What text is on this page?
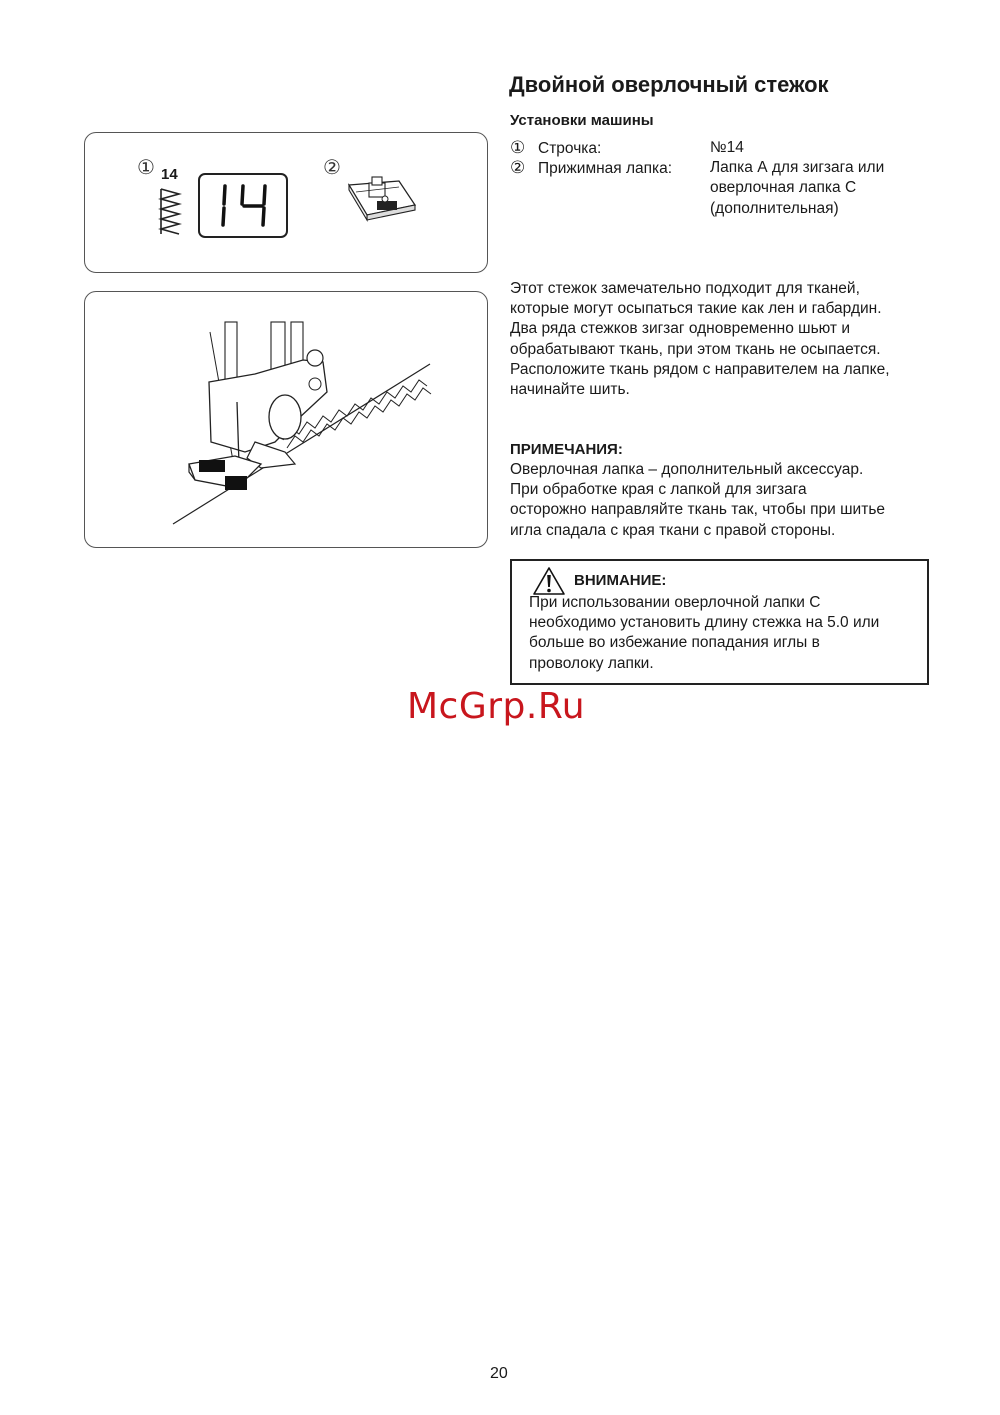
① 14	②
Двойной оверлочный стежок
Установки машины
① Строчка:	№14
② Прижимная лапка: Лапка А для зигзага или
оверлочная лапка С
(дополнительная)
Этот стежок замечательно подходит для тканей,
которые могут осыпаться такие как лен и габардин.
Два ряда стежков зигзаг одновременно шьют и
обрабатывают ткань, при этом ткань не осыпается.
Расположите ткань рядом с направителем на лапке,
начинайте шить.
ПРИМЕЧАНИЯ:
Оверлочная лапка – дополнительный аксессуар.
При обработке края с лапкой для зигзага
осторожно направляйте ткань так, чтобы при шитье
игла спадала с края ткани с правой стороны.
ВНИМАНИЕ:
При использовании оверлочной лапки С
необходимо установить длину стежка на 5.0 или
больше во избежание попадания иглы в
проволоку лапки.
McGrp.Ru
20
